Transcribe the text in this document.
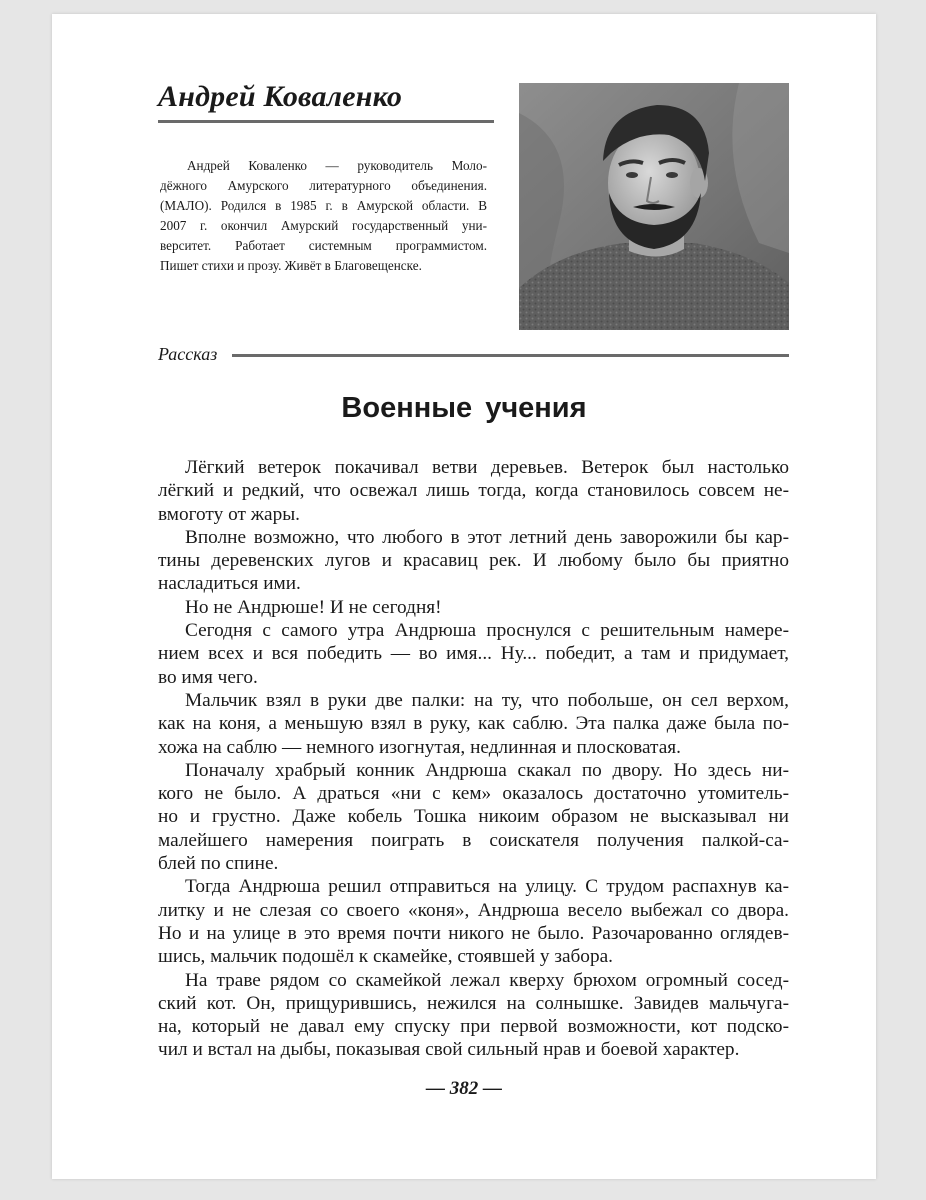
Андрей Коваленко

Андрей Коваленко — руководитель Моло-
дёжного Амурского литературного объединения.
(МАЛО). Родился в 1985 г. в Амурской области. В
2007 г. окончил Амурский государственный уни-
верситет. Работает системным программистом.
Пишет стихи и прозу. Живёт в Благовещенске.

Рассказ

Военные учения
Лёгкий ветерок покачивал ветви деревьев. Ветерок был настолько
лёгкий и редкий, что освежал лишь тогда, когда становилось совсем не-
вмоготу от жары.
Вполне возможно, что любого в этот летний день заворожили бы кар-
тины деревенских лугов и красавиц рек. И любому было бы приятно
насладиться ими.
Но не Андрюше! И не сегодня!
Сегодня с самого утра Андрюша проснулся с решительным намере-
нием всех и вся победить — во имя... Ну... победит, а там и придумает,
во имя чего.
Мальчик взял в руки две палки: на ту, что побольше, он сел верхом,
как на коня, а меньшую взял в руку, как саблю. Эта палка даже была по-
хожа на саблю — немного изогнутая, недлинная и плосковатая.
Поначалу храбрый конник Андрюша скакал по двору. Но здесь ни-
кого не было. А драться «ни с кем» оказалось достаточно утомитель-
но и грустно. Даже кобель Тошка никоим образом не высказывал ни
малейшего намерения поиграть в соискателя получения палкой-са-
блей по спине.
Тогда Андрюша решил отправиться на улицу. С трудом распахнув ка-
литку и не слезая со своего «коня», Андрюша весело выбежал со двора.
Но и на улице в это время почти никого не было. Разочарованно оглядев-
шись, мальчик подошёл к скамейке, стоявшей у забора.
На траве рядом со скамейкой лежал кверху брюхом огромный сосед-
ский кот. Он, прищурившись, нежился на солнышке. Завидев мальчуга-
на, который не давал ему спуску при первой возможности, кот подско-
чил и встал на дыбы, показывая свой сильный нрав и боевой характер.

— 382 —
